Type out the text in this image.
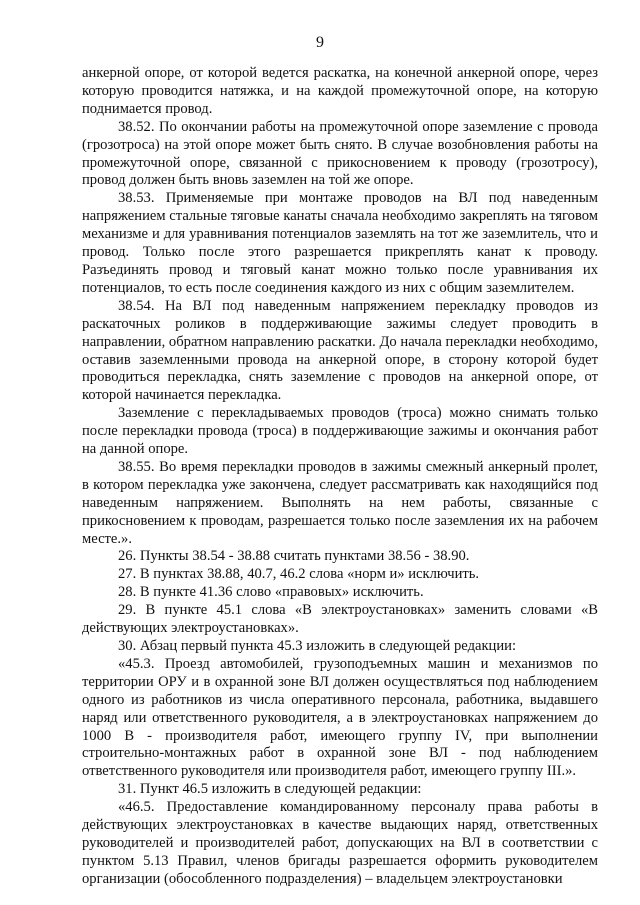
9

анкерной опоре, от которой ведется раскатка, на конечной анкерной опоре, через которую проводится натяжка, и на каждой промежуточной опоре, на которую поднимается провод.

38.52. По окончании работы на промежуточной опоре заземление с провода (грозотроса) на этой опоре может быть снято. В случае возобновления работы на промежуточной опоре, связанной с прикосновением к проводу (грозотросу), провод должен быть вновь заземлен на той же опоре.

38.53. Применяемые при монтаже проводов на ВЛ под наведенным напряжением стальные тяговые канаты сначала необходимо закреплять на тяговом механизме и для уравнивания потенциалов заземлять на тот же заземлитель, что и провод. Только после этого разрешается прикреплять канат к проводу. Разъединять провод и тяговый канат можно только после уравнивания их потенциалов, то есть после соединения каждого из них с общим заземлителем.

38.54. На ВЛ под наведенным напряжением перекладку проводов из раскаточных роликов в поддерживающие зажимы следует проводить в направлении, обратном направлению раскатки. До начала перекладки необходимо, оставив заземленными провода на анкерной опоре, в сторону которой будет проводиться перекладка, снять заземление с проводов на анкерной опоре, от которой начинается перекладка.

Заземление с перекладываемых проводов (троса) можно снимать только после перекладки провода (троса) в поддерживающие зажимы и окончания работ на данной опоре.

38.55. Во время перекладки проводов в зажимы смежный анкерный пролет, в котором перекладка уже закончена, следует рассматривать как находящийся под наведенным напряжением. Выполнять на нем работы, связанные с прикосновением к проводам, разрешается только после заземления их на рабочем месте.».

26. Пункты 38.54 - 38.88 считать пунктами 38.56 - 38.90.

27. В пунктах 38.88, 40.7, 46.2 слова «норм и» исключить.

28. В пункте 41.36 слово «правовых» исключить.

29. В пункте 45.1 слова «В электроустановках» заменить словами «В действующих электроустановках».

30. Абзац первый пункта 45.3 изложить в следующей редакции:

«45.3. Проезд автомобилей, грузоподъемных машин и механизмов по территории ОРУ и в охранной зоне ВЛ должен осуществляться под наблюдением одного из работников из числа оперативного персонала, работника, выдавшего наряд или ответственного руководителя, а в электроустановках напряжением до 1000 В - производителя работ, имеющего группу IV, при выполнении строительно-монтажных работ в охранной зоне ВЛ - под наблюдением ответственного руководителя или производителя работ, имеющего группу III.».

31. Пункт 46.5 изложить в следующей редакции:

«46.5. Предоставление командированному персоналу права работы в действующих электроустановках в качестве выдающих наряд, ответственных руководителей и производителей работ, допускающих на ВЛ в соответствии с пунктом 5.13 Правил, членов бригады разрешается оформить руководителем организации (обособленного подразделения) – владельцем электроустановки
